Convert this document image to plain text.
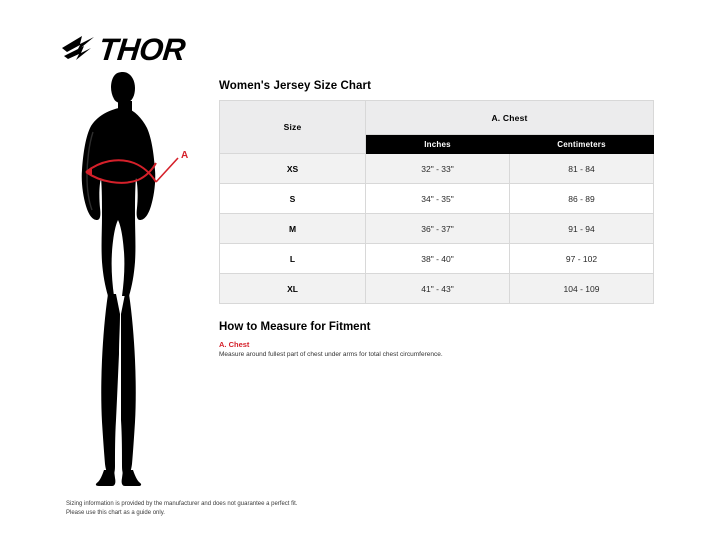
THOR
A
Women's Jersey Size Chart
Size	A. Chest	
	Inches	Centimeters
XS	32" - 33"	81 - 84
S	34" - 35"	86 - 89
M	36" - 37"	91 - 94
L	38" - 40"	97 - 102
XL	41" - 43"	104 - 109
How to Measure for Fitment
A. Chest
Measure around fullest part of chest under arms for total chest circumference.
Sizing information is provided by the manufacturer and does not guarantee a perfect fit.
Please use this chart as a guide only.
